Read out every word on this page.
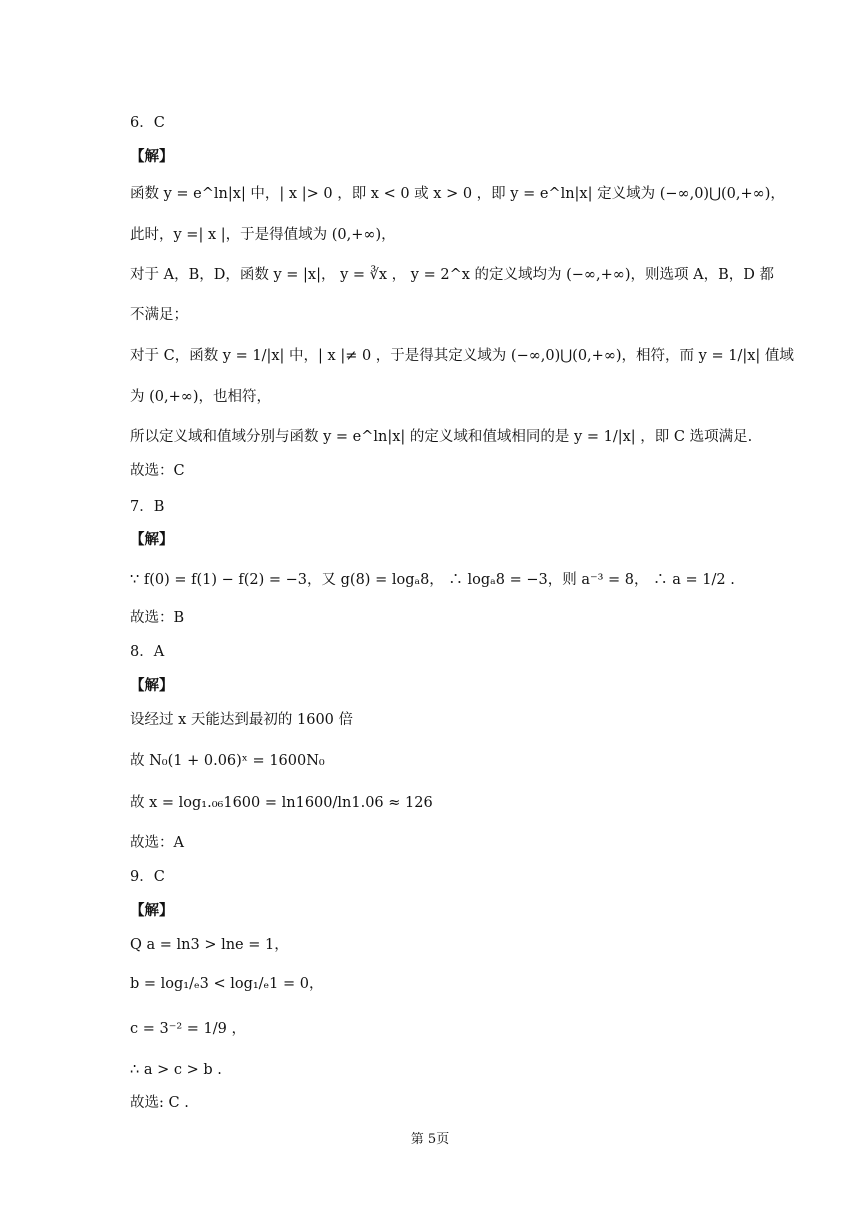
6．C
【解】
函数 y = e^ln|x| 中，| x |> 0 ，即 x < 0 或 x > 0 ，即 y = e^ln|x| 定义域为 (−∞,0)⋃(0,+∞)，
此时，y =| x |，于是得值域为 (0,+∞)，
对于 A，B，D，函数 y = |x|， y = ∛x ， y = 2^x 的定义域均为 (−∞,+∞)，则选项 A，B，D 都
不满足；
对于 C，函数 y = 1/|x| 中，| x |≠ 0 ，于是得其定义域为 (−∞,0)⋃(0,+∞)，相符，而 y = 1/|x| 值域
为 (0,+∞)，也相符，
所以定义域和值域分别与函数 y = e^ln|x| 的定义域和值域相同的是 y = 1/|x| ，即 C 选项满足.
故选：C
7．B
【解】
∵ f(0) = f(1) − f(2) = −3，又 g(8) = logₐ8， ∴ logₐ8 = −3，则 a⁻³ = 8， ∴ a = 1/2 .
故选：B
8．A
【解】
设经过 x 天能达到最初的 1600 倍
故 N₀(1 + 0.06)ˣ = 1600N₀
故 x = log₁.₀₆1600 = ln1600/ln1.06 ≈ 126
故选：A
9．C
【解】
Q a = ln3 > lne = 1，
b = log₁/ₑ3 < log₁/ₑ1 = 0，
c = 3⁻² = 1/9 ，
∴ a > c > b .
故选: C .
第 5页
